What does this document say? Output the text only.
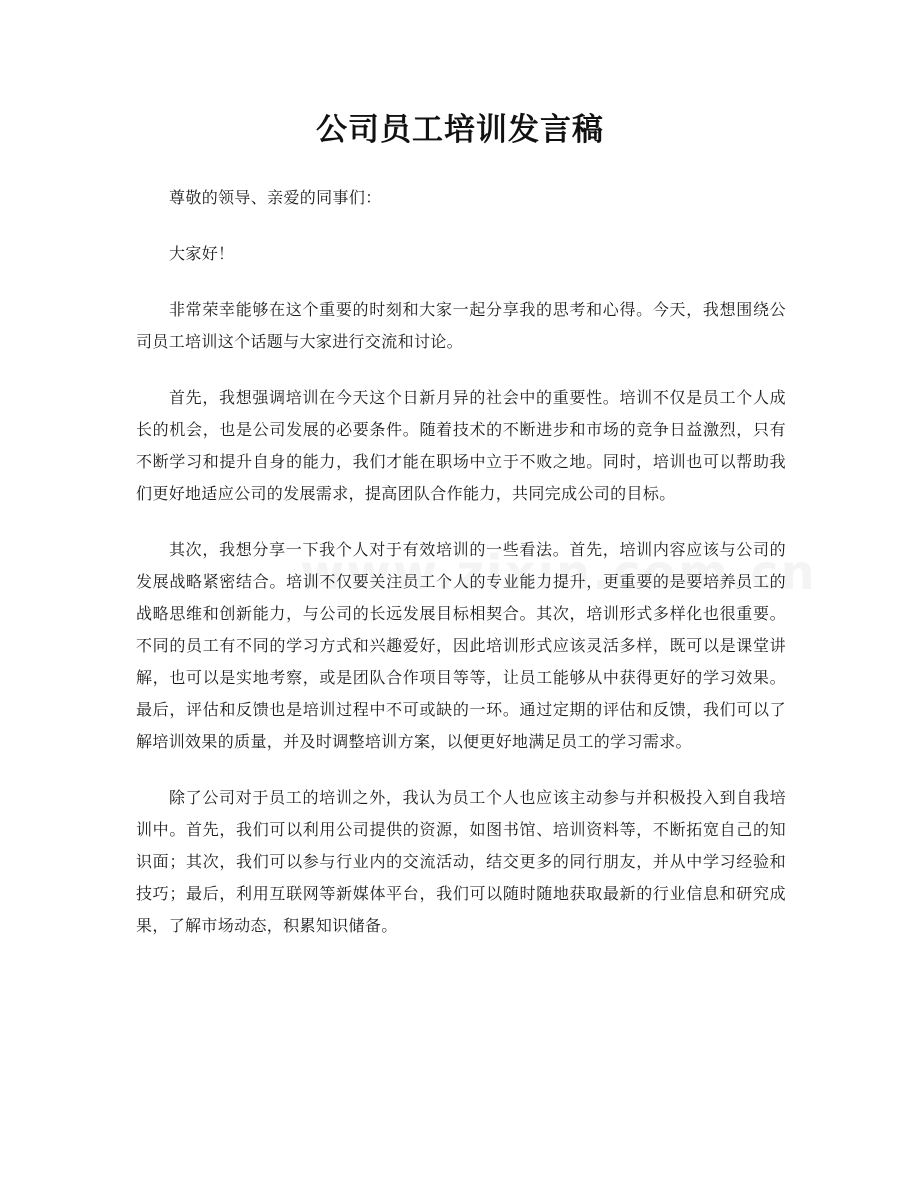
公司员工培训发言稿

尊敬的领导、亲爱的同事们：

大家好！

非常荣幸能够在这个重要的时刻和大家一起分享我的思考和心得。今天，我想围绕公司员工培训这个话题与大家进行交流和讨论。

首先，我想强调培训在今天这个日新月异的社会中的重要性。培训不仅是员工个人成长的机会，也是公司发展的必要条件。随着技术的不断进步和市场的竞争日益激烈，只有不断学习和提升自身的能力，我们才能在职场中立于不败之地。同时，培训也可以帮助我们更好地适应公司的发展需求，提高团队合作能力，共同完成公司的目标。

其次，我想分享一下我个人对于有效培训的一些看法。首先，培训内容应该与公司的发展战略紧密结合。培训不仅要关注员工个人的专业能力提升，更重要的是要培养员工的战略思维和创新能力，与公司的长远发展目标相契合。其次，培训形式多样化也很重要。不同的员工有不同的学习方式和兴趣爱好，因此培训形式应该灵活多样，既可以是课堂讲解，也可以是实地考察，或是团队合作项目等等，让员工能够从中获得更好的学习效果。最后，评估和反馈也是培训过程中不可或缺的一环。通过定期的评估和反馈，我们可以了解培训效果的质量，并及时调整培训方案，以便更好地满足员工的学习需求。

除了公司对于员工的培训之外，我认为员工个人也应该主动参与并积极投入到自我培训中。首先，我们可以利用公司提供的资源，如图书馆、培训资料等，不断拓宽自己的知识面；其次，我们可以参与行业内的交流活动，结交更多的同行朋友，并从中学习经验和技巧；最后，利用互联网等新媒体平台，我们可以随时随地获取最新的行业信息和研究成果，了解市场动态，积累知识储备。
